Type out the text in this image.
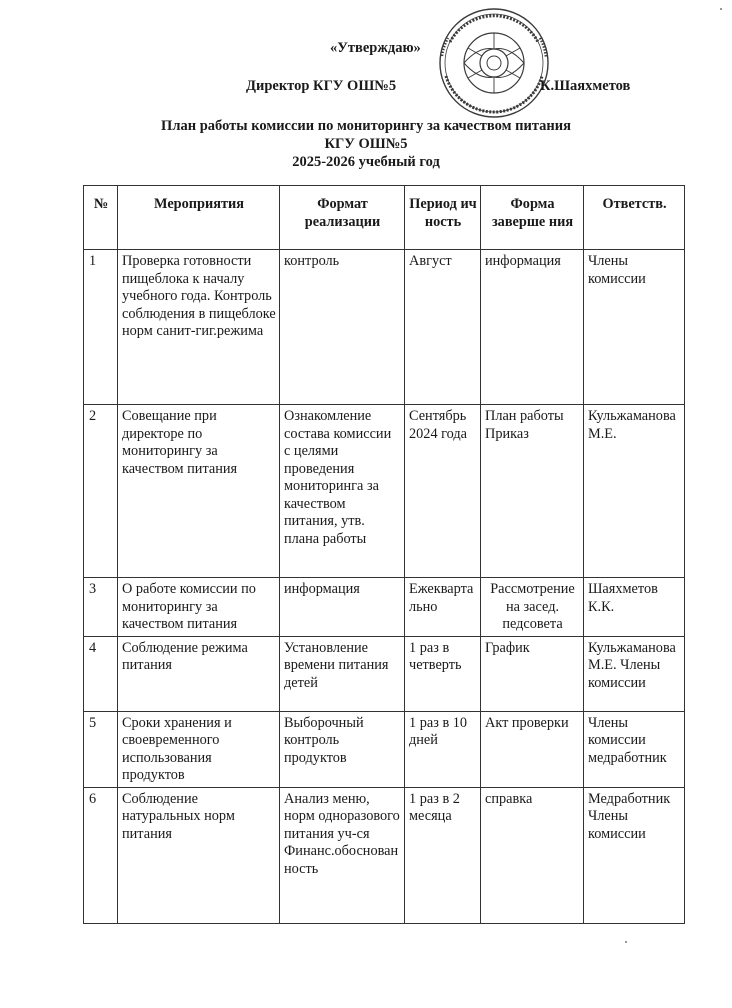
«Утверждаю»
Директор КГУ ОШ№5	К.Шаяхметов
План работы комиссии по мониторингу за качеством питания
КГУ ОШ№5
2025-2026 учебный год
№	Мероприятия	Формат реализации	Период ич ность	Форма заверше ния	Ответств.
1	Проверка готовности пищеблока к началу учебного года. Контроль соблюдения в пищеблоке норм санит-гиг.режима	контроль	Август	информация	Члены комиссии
2	Совещание при директоре по мониторингу за качеством питания	Ознакомление состава комиссии с целями проведения мониторинга за качеством питания, утв. плана работы	Сентябрь 2024 года	План работы Приказ	Кульжаманова М.Е.
3	О работе комиссии по мониторингу за качеством питания	информация	Ежеквартально	Рассмотрение на засед. педсовета	Шаяхметов К.К.
4	Соблюдение режима питания	Установление времени питания детей	1 раз в четверть	График	Кульжаманова М.Е. Члены комиссии
5	Сроки хранения и своевременного использования продуктов	Выборочный контроль продуктов	1 раз в 10 дней	Акт проверки	Члены комиссии медработник
6	Соблюдение натуральных норм питания	Анализ меню, норм одноразового питания уч-ся Финанс.обоснованность	1 раз в 2 месяца	справка	Медработник Члены комиссии
